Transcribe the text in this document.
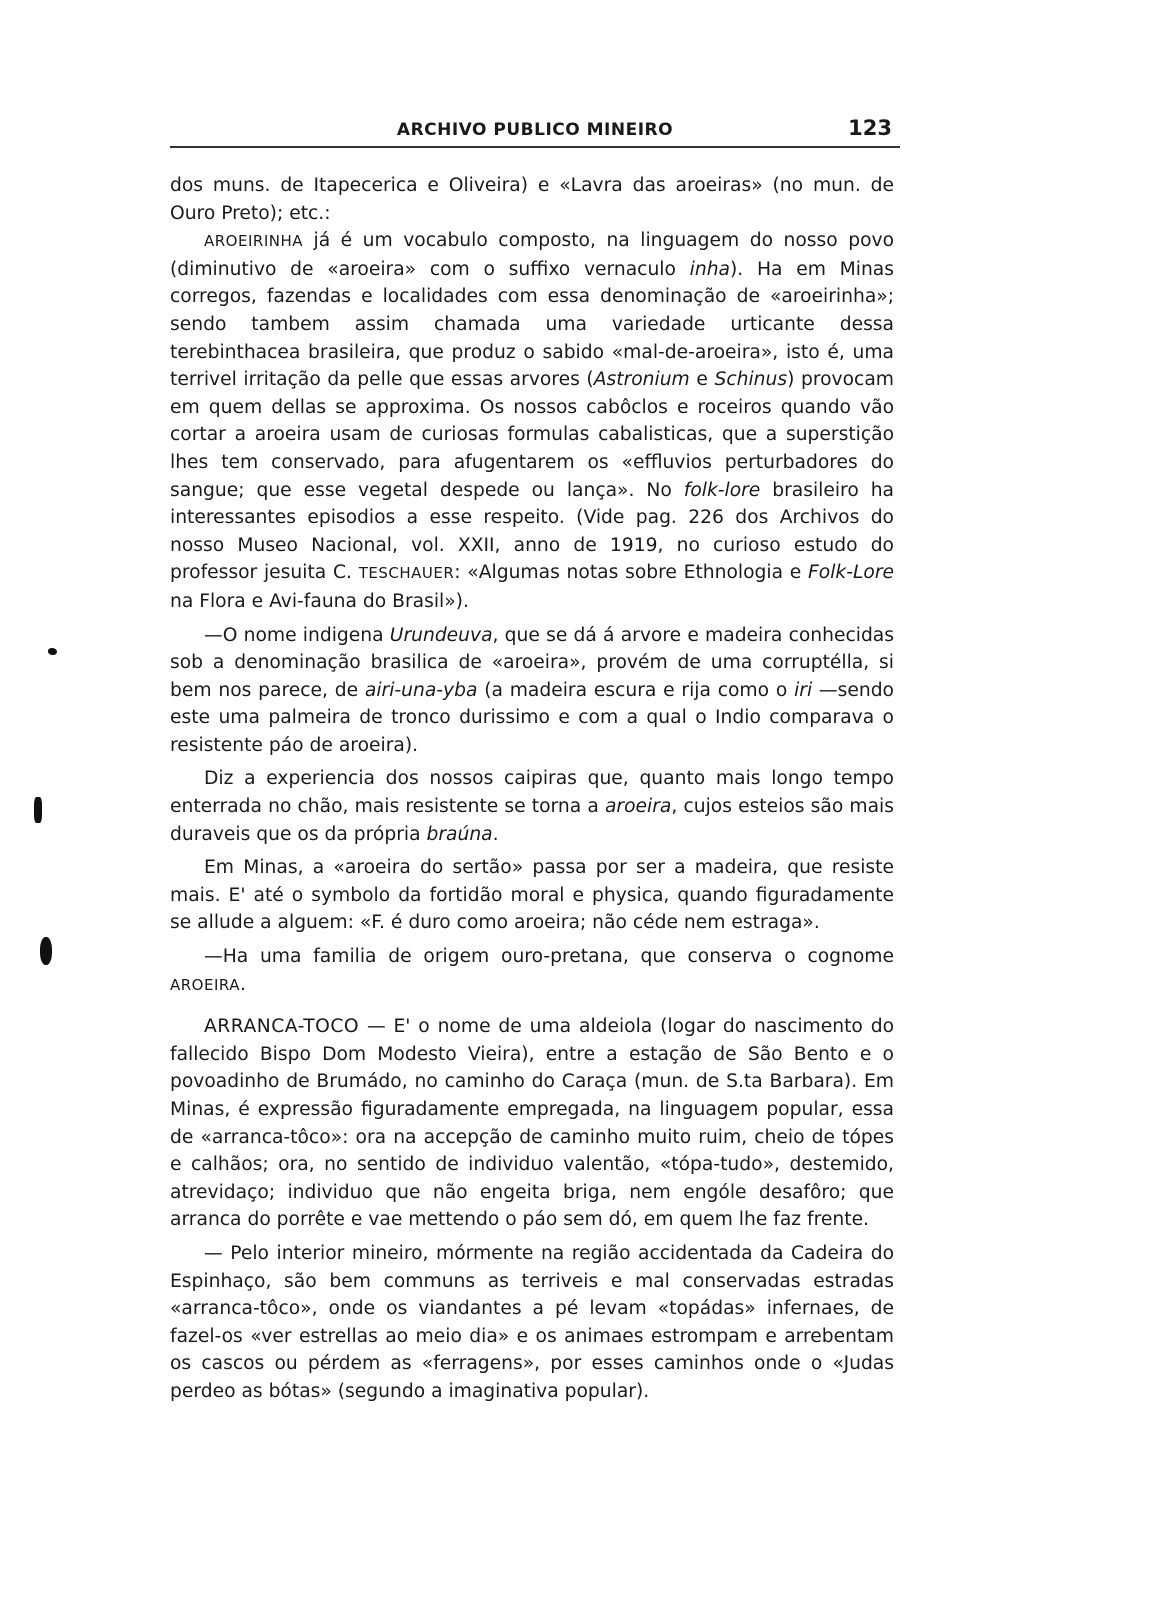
ARCHIVO PUBLICO MINEIRO	123

dos muns. de Itapecerica e Oliveira) e «Lavra das aroeiras» (no mun. de Ouro Preto); etc.:

AROEIRINHA já é um vocabulo composto, na linguagem do nosso povo (diminutivo de «aroeira» com o suffixo vernaculo inha). Ha em Minas corregos, fazendas e localidades com essa denominação de «aroeirinha»; sendo tambem assim chamada uma variedade urticante dessa terebinthacea brasileira, que produz o sabido «mal-de-aroeira», isto é, uma terrivel irritação da pelle que essas arvores (Astronium e Schinus) provocam em quem dellas se approxima. Os nossos cabôclos e roceiros quando vão cortar a aroeira usam de curiosas formulas cabalisticas, que a superstição lhes tem conservado, para afugentarem os «effluvios perturbadores do sangue; que esse vegetal despede ou lança». No folk-lore brasileiro ha interessantes episodios a esse respeito. (Vide pag. 226 dos Archivos do nosso Museo Nacional, vol. XXII, anno de 1919, no curioso estudo do professor jesuita C. TESCHAUER: «Algumas notas sobre Ethnologia e Folk-Lore na Flora e Avi-fauna do Brasil»).

—O nome indigena Urundeuva, que se dá á arvore e madeira conhecidas sob a denominação brasilica de «aroeira», provém de uma corruptélla, si bem nos parece, de airi-una-yba (a madeira escura e rija como o iri —sendo este uma palmeira de tronco durissimo e com a qual o Indio comparava o resistente páo de aroeira).

Diz a experiencia dos nossos caipiras que, quanto mais longo tempo enterrada no chão, mais resistente se torna a aroeira, cujos esteios são mais duraveis que os da própria braúna.

Em Minas, a «aroeira do sertão» passa por ser a madeira, que resiste mais. E' até o symbolo da fortidão moral e physica, quando figuradamente se allude a alguem: «F. é duro como aroeira; não céde nem estraga».

—Ha uma familia de origem ouro-pretana, que conserva o cognome AROEIRA.

ARRANCA-TOCO — E' o nome de uma aldeiola (logar do nascimento do fallecido Bispo Dom Modesto Vieira), entre a estação de São Bento e o povoadinho de Brumádo, no caminho do Caraça (mun. de S.ta Barbara). Em Minas, é expressão figuradamente empregada, na linguagem popular, essa de «arranca-tôco»: ora na accepção de caminho muito ruim, cheio de tópes e calhãos; ora, no sentido de individuo valentão, «tópa-tudo», destemido, atrevidaço; individuo que não engeita briga, nem engóle desafôro; que arranca do porrête e vae mettendo o páo sem dó, em quem lhe faz frente.

— Pelo interior mineiro, mórmente na região accidentada da Cadeira do Espinhaço, são bem communs as terriveis e mal conservadas estradas «arranca-tôco», onde os viandantes a pé levam «topádas» infernaes, de fazel-os «ver estrellas ao meio dia» e os animaes estrompam e arrebentam os cascos ou pérdem as «ferragens», por esses caminhos onde o «Judas perdeo as bótas» (segundo a imaginativa popular).
